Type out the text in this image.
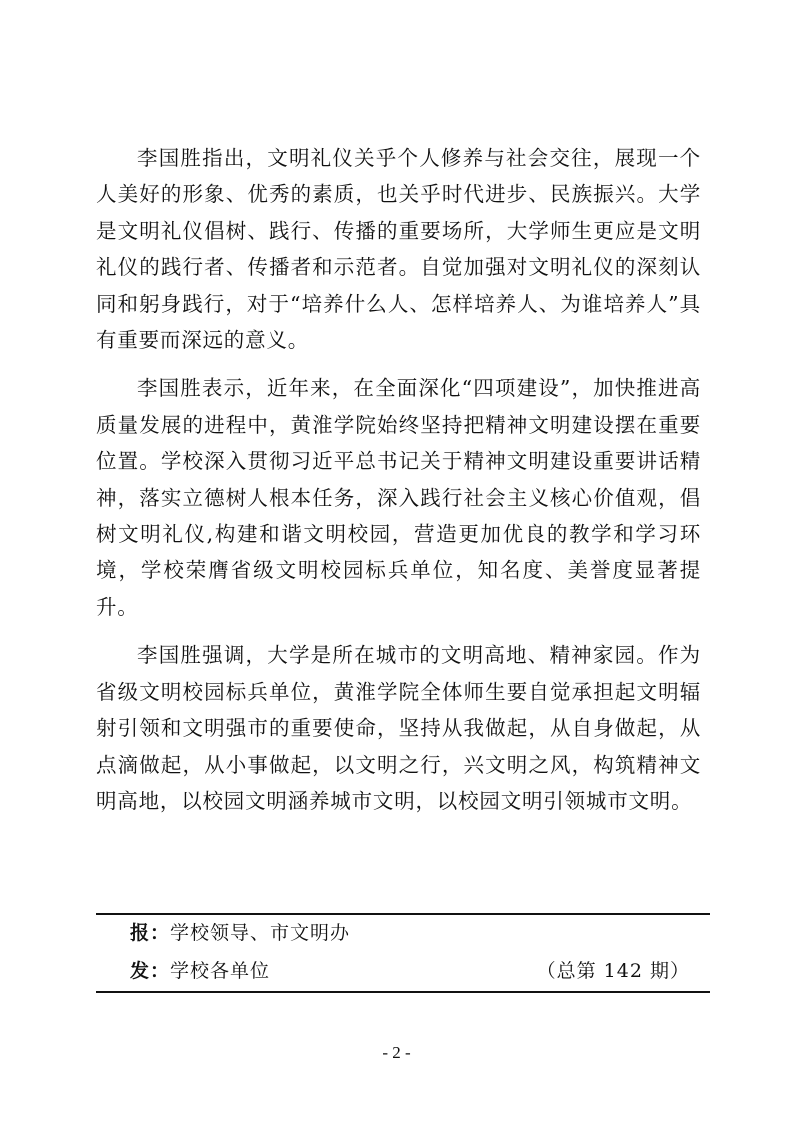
李国胜指出，文明礼仪关乎个人修养与社会交往，展现一个人美好的形象、优秀的素质，也关乎时代进步、民族振兴。大学是文明礼仪倡树、践行、传播的重要场所，大学师生更应是文明礼仪的践行者、传播者和示范者。自觉加强对文明礼仪的深刻认同和躬身践行，对于“培养什么人、怎样培养人、为谁培养人”具有重要而深远的意义。

李国胜表示，近年来，在全面深化“四项建设”，加快推进高质量发展的进程中，黄淮学院始终坚持把精神文明建设摆在重要位置。学校深入贯彻习近平总书记关于精神文明建设重要讲话精神，落实立德树人根本任务，深入践行社会主义核心价值观，倡树文明礼仪,构建和谐文明校园，营造更加优良的教学和学习环境，学校荣膺省级文明校园标兵单位，知名度、美誉度显著提升。

李国胜强调，大学是所在城市的文明高地、精神家园。作为省级文明校园标兵单位，黄淮学院全体师生要自觉承担起文明辐射引领和文明强市的重要使命，坚持从我做起，从自身做起，从点滴做起，从小事做起，以文明之行，兴文明之风，构筑精神文明高地，以校园文明涵养城市文明，以校园文明引领城市文明。

报：学校领导、市文明办
发：学校各单位	（总第 142 期）
- 2 -
